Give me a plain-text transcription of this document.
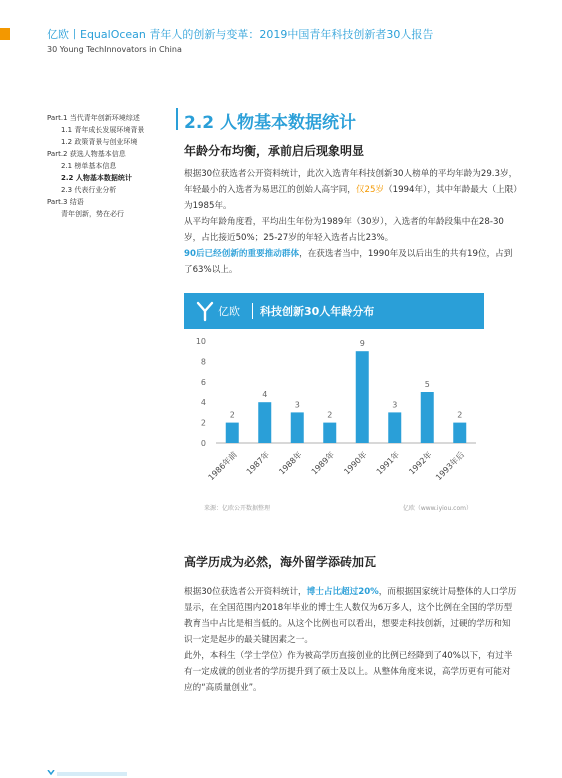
亿欧丨EqualOcean 青年人的创新与变革：2019中国青年科技创新者30人报告
30 Young TechInnovators in China
Part.1 当代青年创新环境综述
1.1 青年成长发展环境背景
1.2 政策背景与创业环境
Part.2 获选人物基本信息
2.1 榜单基本信息
2.2 人物基本数据统计
2.3 代表行业分析
Part.3 结语
青年创新，势在必行
2.2 人物基本数据统计
年龄分布均衡，承前启后现象明显

根据30位获选者公开资料统计，此次入选青年科技创新30人榜单的平均年龄为29.3岁，年轻最小的入选者为易思江的创始人高宇同，仅25岁（1994年），其中年龄最大（上限）为1985年。

从平均年龄角度看，平均出生年份为1989年（30岁），入选者的年龄段集中在28-30岁，占比接近50%；25-27岁的年轻入选者占比23%。

90后已经创新的重要推动群体，在获选者当中，1990年及以后出生的共有19位，占到了63%以上。

亿欧 科技创新30人年龄分布
0
2
4
6
8
10
2
1986年前
4
1987年
3
1988年
2
1989年
9
1990年
3
1991年
5
1992年
2
1993年后
来源：亿欧公开数据整理	亿欧（www.iyiou.com）
高学历成为必然，海外留学添砖加瓦

根据30位获选者公开资料统计，博士占比超过20%，而根据国家统计局整体的人口学历显示，在全国范围内2018年毕业的博士生人数仅为6万多人，这个比例在全国的学历型教育当中占比是相当低的。从这个比例也可以看出，想要走科技创新，过硬的学历和知识一定是起步的最关键因素之一。

此外，本科生（学士学位）作为被高学历直接创业的比例已经降到了40%以下，有过半有一定成就的创业者的学历提升到了硕士及以上。从整体角度来说，高学历更有可能对应的“高质量创业”。
